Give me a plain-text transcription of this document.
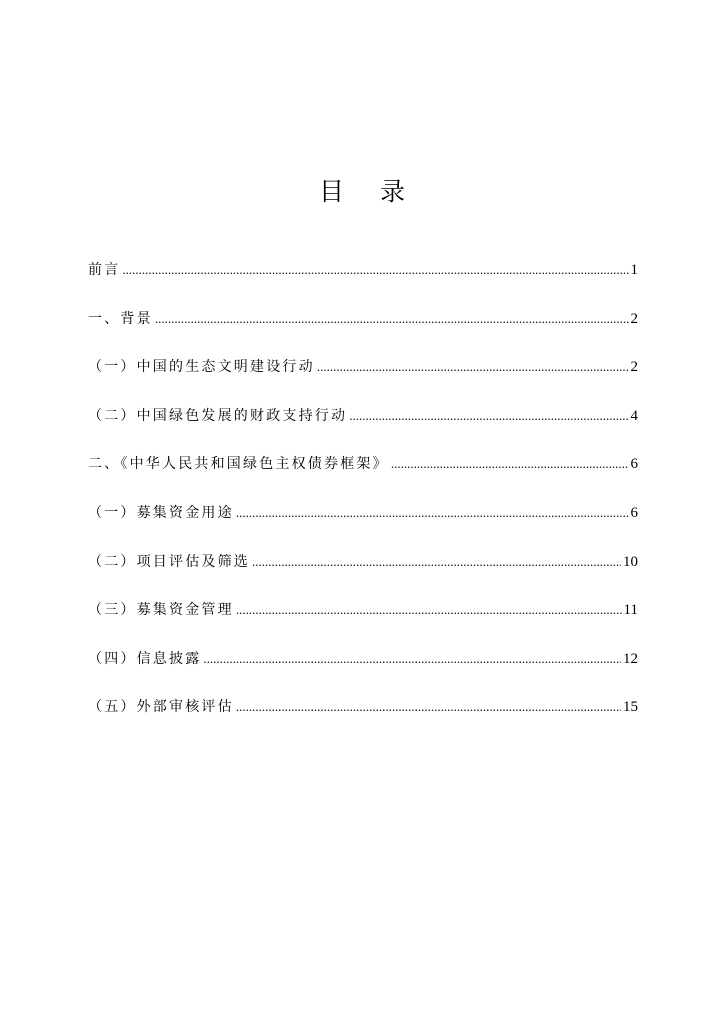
目 录
前言 .....	1
一、背景 .....	2
（一）中国的生态文明建设行动 .....	2
（二）中国绿色发展的财政支持行动 .....	4
二、《中华人民共和国绿色主权债券框架》 .....	6
（一）募集资金用途 .....	6
（二）项目评估及筛选 .....	10
（三）募集资金管理 .....	11
（四）信息披露 .....	12
（五）外部审核评估 .....	15
